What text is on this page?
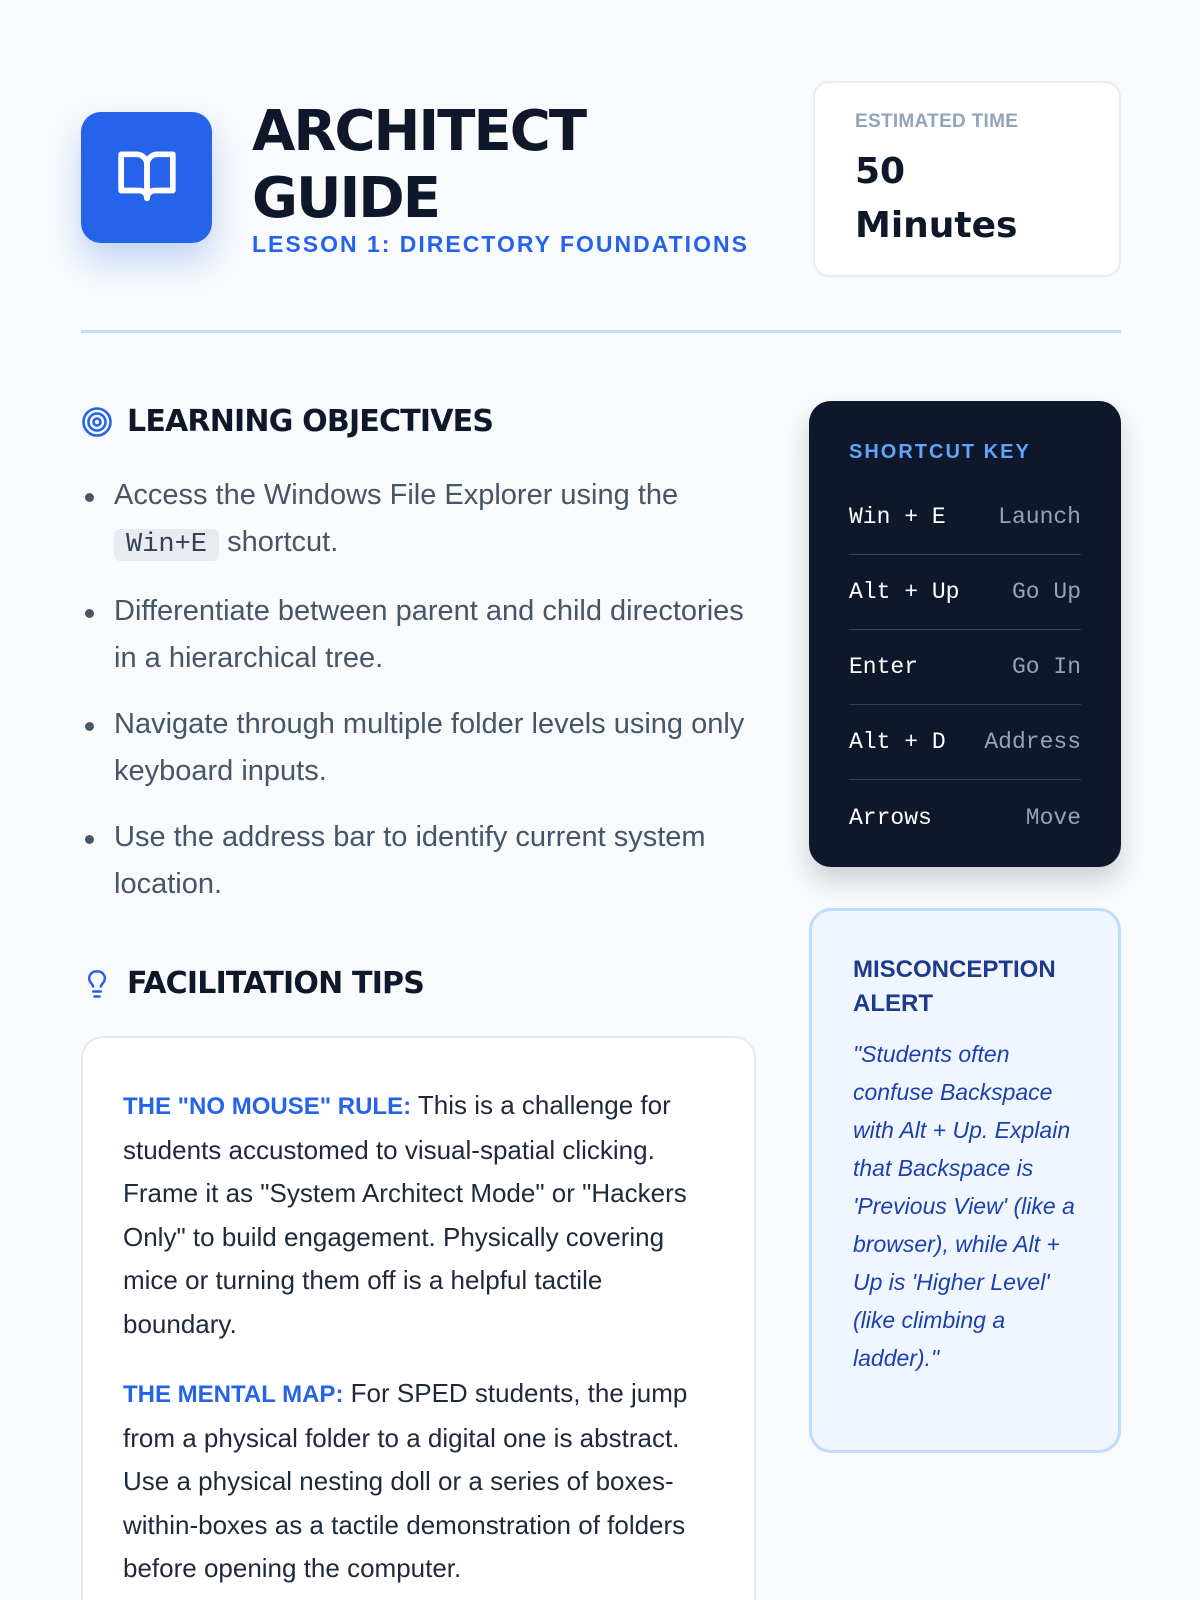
ARCHITECT
GUIDE
LESSON 1: DIRECTORY FOUNDATIONS
ESTIMATED TIME
50
Minutes
LEARNING OBJECTIVES
Access the Windows File Explorer using the Win+E shortcut.
Differentiate between parent and child directories in a hierarchical tree.
Navigate through multiple folder levels using only keyboard inputs.
Use the address bar to identify current system location.
FACILITATION TIPS

THE "NO MOUSE" RULE: This is a challenge for students accustomed to visual-spatial clicking. Frame it as "System Architect Mode" or "Hackers Only" to build engagement. Physically covering mice or turning them off is a helpful tactile boundary.

THE MENTAL MAP: For SPED students, the jump from a physical folder to a digital one is abstract. Use a physical nesting doll or a series of boxes-within-boxes as a tactile demonstration of folders before opening the computer.

SHORTCUT KEY
Win + E Launch
Alt + Up Go Up
Enter	Go In
Alt + D Address
Arrows	Move
MISCONCEPTION ALERT
"Students often confuse Backspace with Alt + Up. Explain that Backspace is 'Previous View' (like a browser), while Alt + Up is 'Higher Level' (like climbing a ladder)."
